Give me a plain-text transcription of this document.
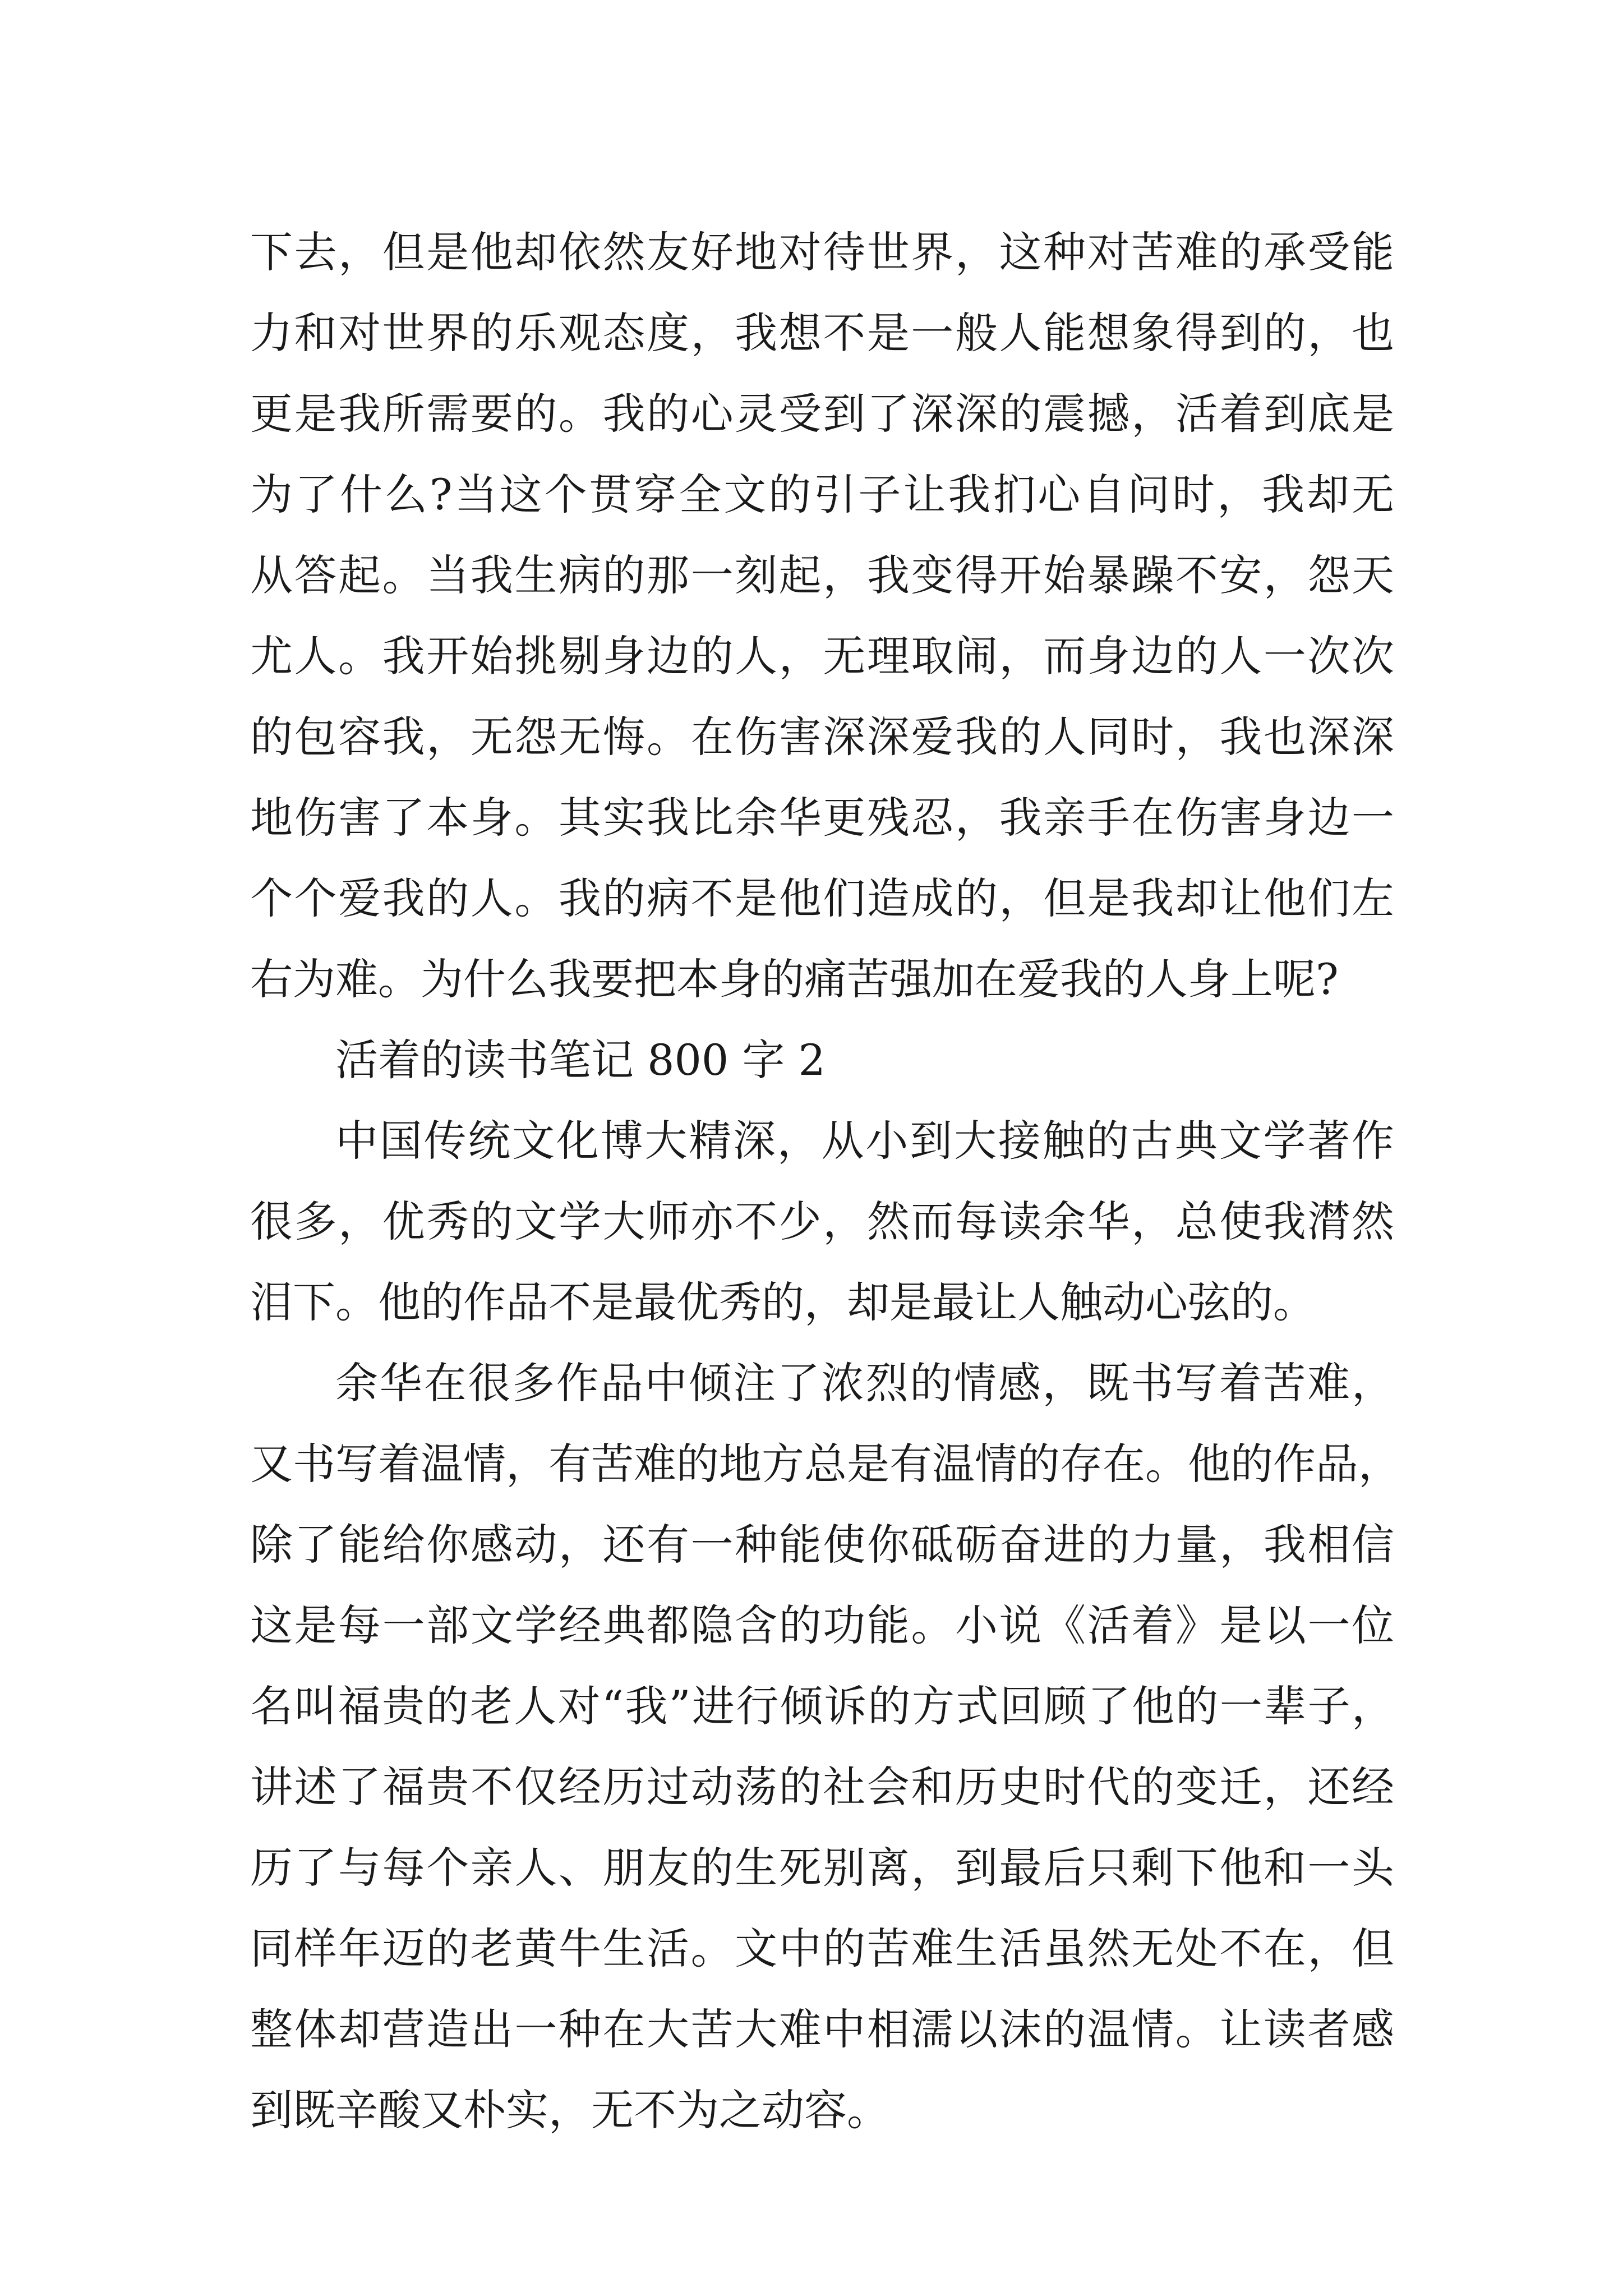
下去，但是他却依然友好地对待世界，这种对苦难的承受能
力和对世界的乐观态度，我想不是一般人能想象得到的，也
更是我所需要的。我的心灵受到了深深的震撼，活着到底是
为了什么?当这个贯穿全文的引子让我扪心自问时，我却无
从答起。当我生病的那一刻起，我变得开始暴躁不安，怨天
尤人。我开始挑剔身边的人，无理取闹，而身边的人一次次
的包容我，无怨无悔。在伤害深深爱我的人同时，我也深深
地伤害了本身。其实我比余华更残忍，我亲手在伤害身边一
个个爱我的人。我的病不是他们造成的，但是我却让他们左
右为难。为什么我要把本身的痛苦强加在爱我的人身上呢?
活着的读书笔记 800 字 2
中国传统文化博大精深，从小到大接触的古典文学著作
很多，优秀的文学大师亦不少，然而每读余华，总使我潸然
泪下。他的作品不是最优秀的，却是最让人触动心弦的。
余华在很多作品中倾注了浓烈的情感，既书写着苦难，
又书写着温情，有苦难的地方总是有温情的存在。他的作品，
除了能给你感动，还有一种能使你砥砺奋进的力量，我相信
这是每一部文学经典都隐含的功能。小说《活着》是以一位
名叫福贵的老人对“我”进行倾诉的方式回顾了他的一辈子，
讲述了福贵不仅经历过动荡的社会和历史时代的变迁，还经
历了与每个亲人、朋友的生死别离，到最后只剩下他和一头
同样年迈的老黄牛生活。文中的苦难生活虽然无处不在，但
整体却营造出一种在大苦大难中相濡以沫的温情。让读者感
到既辛酸又朴实，无不为之动容。
